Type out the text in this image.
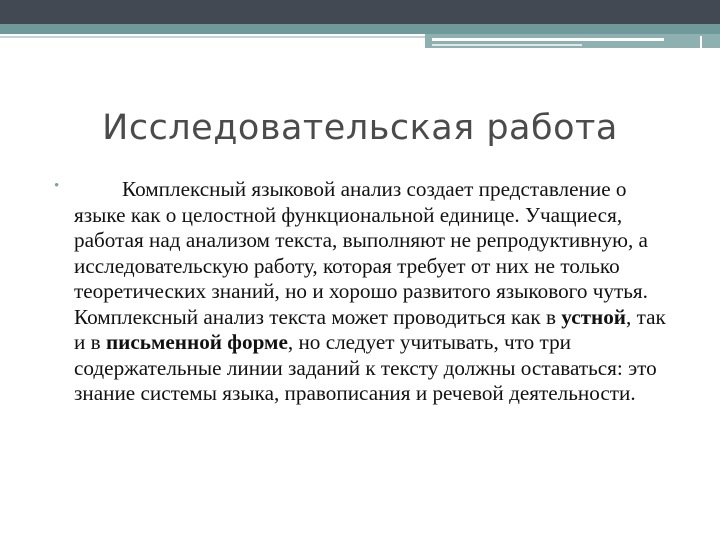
Исследовательская работа
•	Комплексный языковой анализ создает представление о языке как о целостной функциональной единице. Учащиеся, работая над анализом текста, выполняют не репродуктивную, а исследовательскую работу, которая требует от них не только теоретических знаний, но и хорошо развитого языкового чутья. Комплексный анализ текста может проводиться как в устной, так и в письменной форме, но следует учитывать, что три содержательные линии заданий к тексту должны оставаться: это знание системы языка, правописания и речевой деятельности.
